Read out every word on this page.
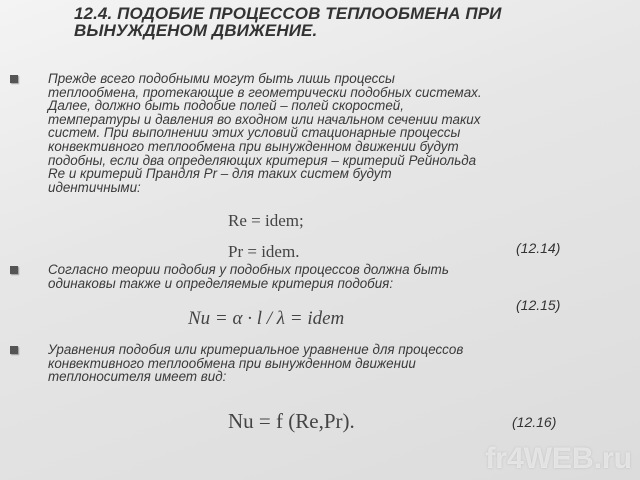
12.4. ПОДОБИЕ ПРОЦЕССОВ ТЕПЛООБМЕНА ПРИ
ВЫНУЖДЕНОМ ДВИЖЕНИЕ.
Прежде всего подобными могут быть лишь процессы
теплообмена, протекающие в геометрически подобных системах.
Далее, должно быть подобие полей – полей скоростей,
температуры и давления во входном или начальном сечении таких
систем. При выполнении этих условий стационарные процессы
конвективного теплообмена при вынужденном движении будут
подобны, если два определяющих критерия – критерий Рейнольда
Re и критерий Прандля Pr – для таких систем будут
идентичными:
Re = idem;
Pr = idem.	(12.14)
Согласно теории подобия у подобных процессов должна быть
одинаковы также и определяемые критерия подобия:
(12.15)
Nu = α · l / λ = idem
Уравнения подобия или критериальное уравнение для процессов
конвективного теплообмена при вынужденном движении
теплоносителя имеет вид:
Nu = f (Re,Pr).	(12.16)
fr4WEB.ru
